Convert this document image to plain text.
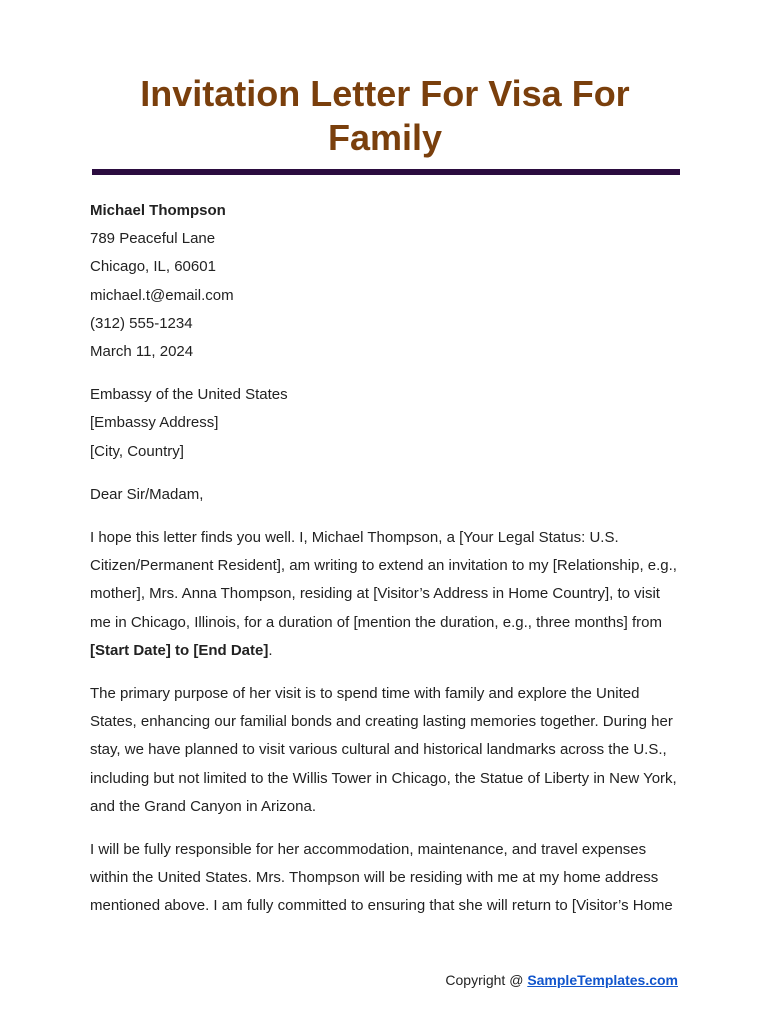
Invitation Letter For Visa For Family
Michael Thompson
789 Peaceful Lane
Chicago, IL, 60601
michael.t@email.com
(312) 555-1234
March 11, 2024
Embassy of the United States
[Embassy Address]
[City, Country]
Dear Sir/Madam,

I hope this letter finds you well. I, Michael Thompson, a [Your Legal Status: U.S. Citizen/Permanent Resident], am writing to extend an invitation to my [Relationship, e.g., mother], Mrs. Anna Thompson, residing at [Visitor’s Address in Home Country], to visit me in Chicago, Illinois, for a duration of [mention the duration, e.g., three months] from [Start Date] to [End Date].

The primary purpose of her visit is to spend time with family and explore the United States, enhancing our familial bonds and creating lasting memories together. During her stay, we have planned to visit various cultural and historical landmarks across the U.S., including but not limited to the Willis Tower in Chicago, the Statue of Liberty in New York, and the Grand Canyon in Arizona.

I will be fully responsible for her accommodation, maintenance, and travel expenses within the United States. Mrs. Thompson will be residing with me at my home address mentioned above. I am fully committed to ensuring that she will return to [Visitor’s Home

Copyright @ SampleTemplates.com
